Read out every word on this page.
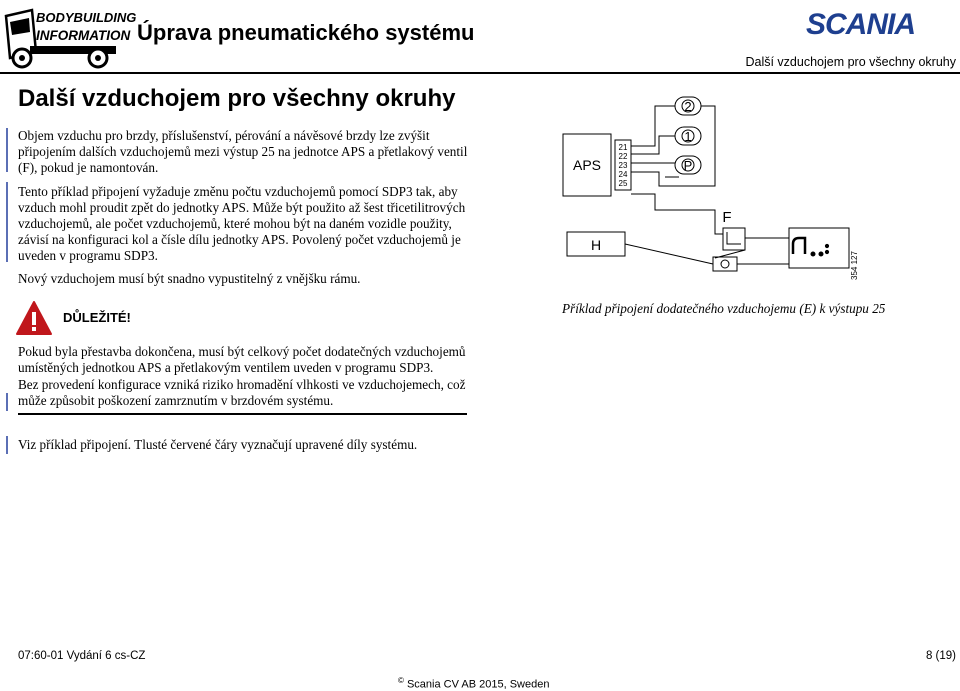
BODYBUILDING
INFORMATION Úprava pneumatického systému	SCANIA
Další vzduchojem pro všechny okruhy
Další vzduchojem pro všechny okruhy
Objem vzduchu pro brzdy, příslušenství, pérování a návěsové brzdy lze zvýšit připojením dalších vzduchojemů mezi výstup 25 na jednotce APS a přetlakový ventil (F), pokud je namontován.
Tento příklad připojení vyžaduje změnu počtu vzduchojemů pomocí SDP3 tak, aby vzduch mohl proudit zpět do jednotky APS. Může být použito až šest třicetilitrových vzduchojemů, ale počet vzduchojemů, které mohou být na daném vozidle použity, závisí na konfiguraci kol a čísle dílu jednotky APS. Povolený počet vzduchojemů je uveden v programu SDP3.
Nový vzduchojem musí být snadno vypustitelný z vnějšku rámu.
DŮLEŽITÉ!
Pokud byla přestavba dokončena, musí být celkový počet dodatečných vzduchojemů umístěných jednotkou APS a přetlakovým ventilem uveden v programu SDP3.
Bez provedení konfigurace vzniká riziko hromadění vlhkosti ve vzduchojemech, což může způsobit poškození zamrznutím v brzdovém systému.
Viz příklad připojení. Tlusté červené čáry vyznačují upravené díly systému.
APS
21
22
23
24
25
2
1
P
H
F
354 127
Příklad připojení dodatečného vzduchojemu (E) k výstupu 25
07:60-01 Vydání 6 cs-CZ	8 (19)
© Scania CV AB 2015, Sweden
